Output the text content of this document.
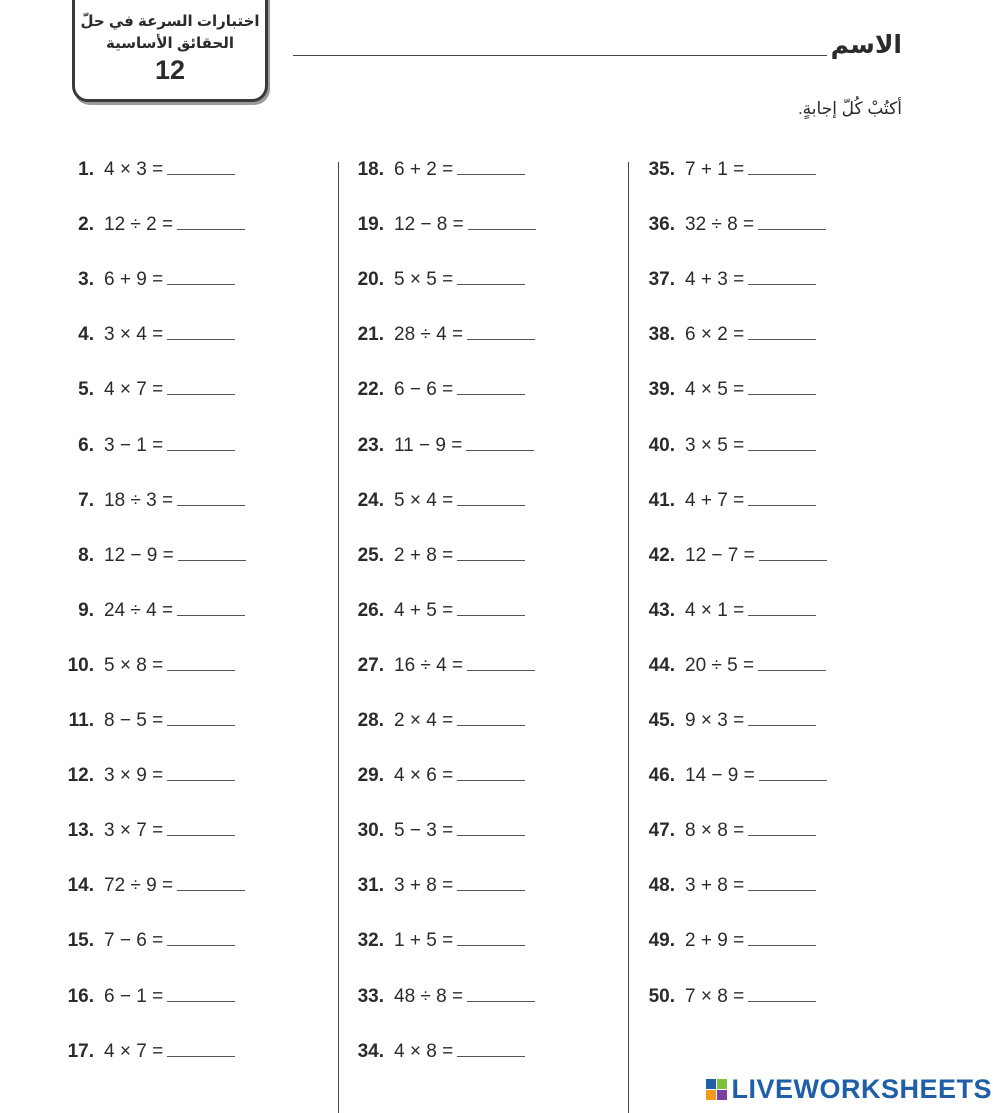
اختبارات السرعة في حلّ
الحقائق الأساسية
12
الاسم
أكتُبْ كُلّ إجابةٍ.
1. 4 × 3 =
2. 12 ÷ 2 =
3. 6 + 9 =
4. 3 × 4 =
5. 4 × 7 =
6. 3 − 1 =
7. 18 ÷ 3 =
8. 12 − 9 =
9. 24 ÷ 4 =
10. 5 × 8 =
11. 8 − 5 =
12. 3 × 9 =
13. 3 × 7 =
14. 72 ÷ 9 =
15. 7 − 6 =
16. 6 − 1 =
17. 4 × 7 =
18. 6 + 2 =
19. 12 − 8 =
20. 5 × 5 =
21. 28 ÷ 4 =
22. 6 − 6 =
23. 11 − 9 =
24. 5 × 4 =
25. 2 + 8 =
26. 4 + 5 =
27. 16 ÷ 4 =
28. 2 × 4 =
29. 4 × 6 =
30. 5 − 3 =
31. 3 + 8 =
32. 1 + 5 =
33. 48 ÷ 8 =
34. 4 × 8 =
35. 7 + 1 =
36. 32 ÷ 8 =
37. 4 + 3 =
38. 6 × 2 =
39. 4 × 5 =
40. 3 × 5 =
41. 4 + 7 =
42. 12 − 7 =
43. 4 × 1 =
44. 20 ÷ 5 =
45. 9 × 3 =
46. 14 − 9 =
47. 8 × 8 =
48. 3 + 8 =
49. 2 + 9 =
50. 7 × 8 =
LIVEWORKSHEETS
